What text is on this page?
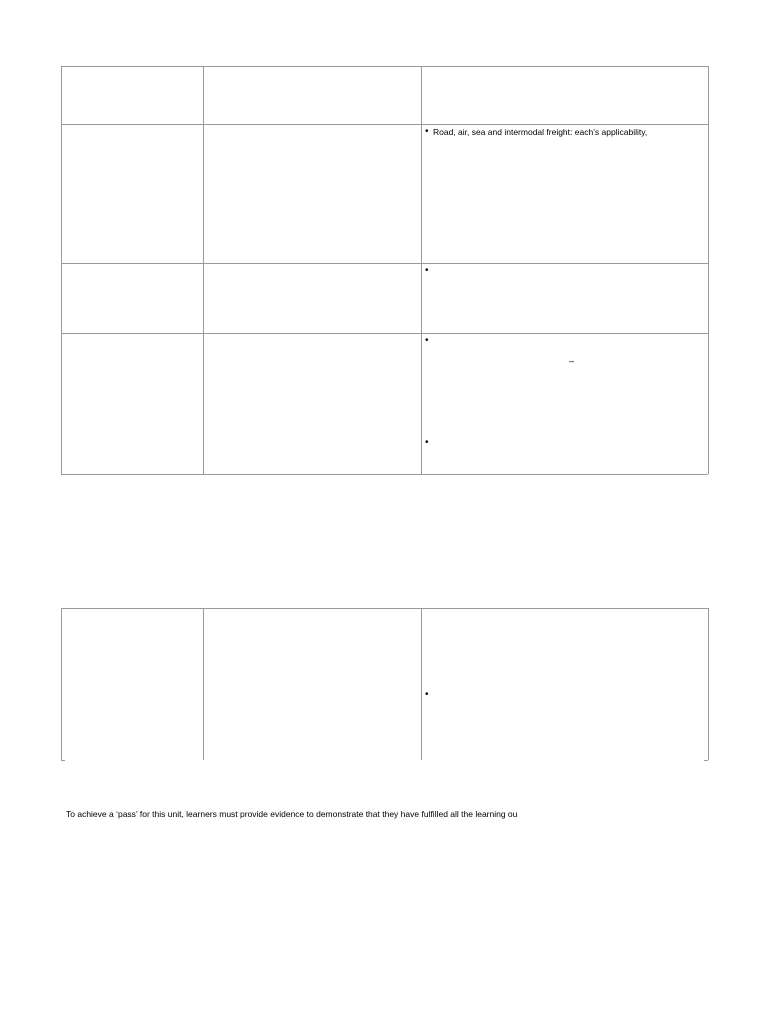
• Road, air, sea and intermodal freight: each’s applicability,
•
•
–
•
•

To achieve a ‘pass’ for this unit, learners must provide evidence to demonstrate that they have fulfilled all the learning ou
